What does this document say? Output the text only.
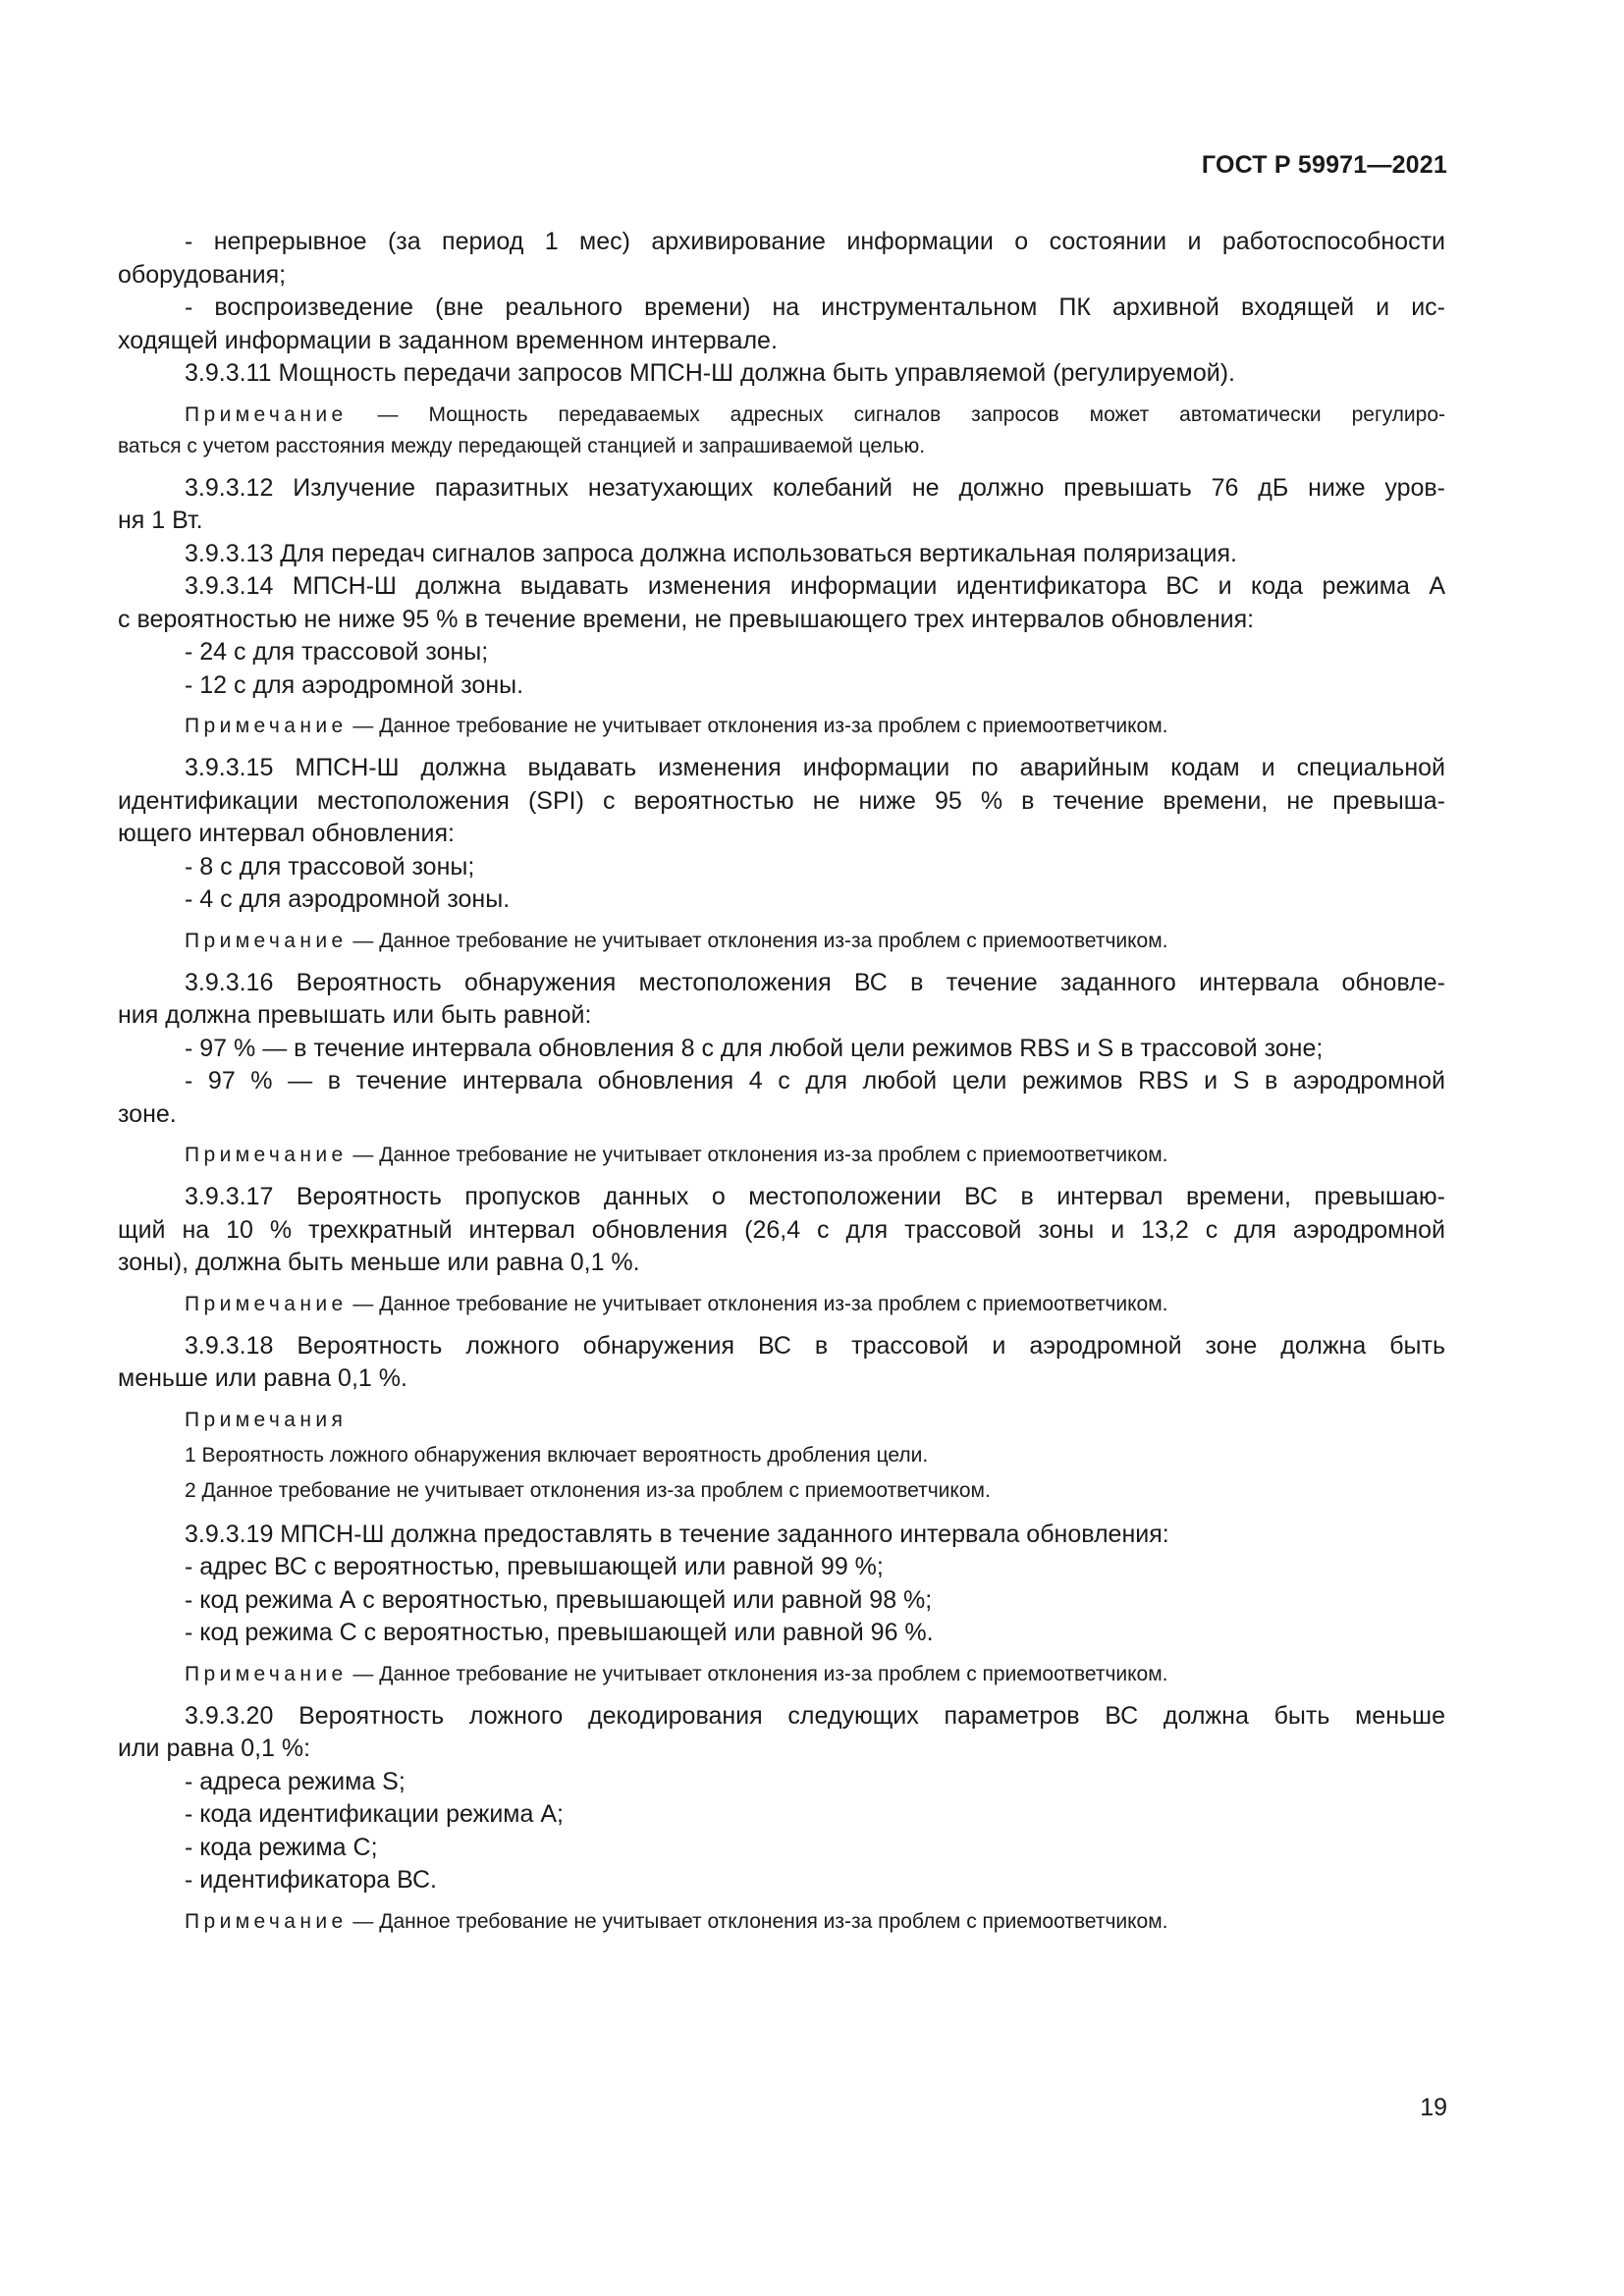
ГОСТ Р 59971—2021

- непрерывное (за период 1 мес) архивирование информации о состоянии и работоспособности

оборудования;

- воспроизведение (вне реального времени) на инструментальном ПК архивной входящей и ис-

ходящей информации в заданном временном интервале.

3.9.3.11 Мощность передачи запросов МПСН-Ш должна быть управляемой (регулируемой).

Примечание — Мощность передаваемых адресных сигналов запросов может автоматически регулиро-

ваться с учетом расстояния между передающей станцией и запрашиваемой целью.

3.9.3.12 Излучение паразитных незатухающих колебаний не должно превышать 76 дБ ниже уров-

ня 1 Вт.

3.9.3.13 Для передач сигналов запроса должна использоваться вертикальная поляризация.

3.9.3.14 МПСН-Ш должна выдавать изменения информации идентификатора ВС и кода режима А

с вероятностью не ниже 95 % в течение времени, не превышающего трех интервалов обновления:

- 24 с для трассовой зоны;

- 12 с для аэродромной зоны.

Примечание — Данное требование не учитывает отклонения из-за проблем с приемоответчиком.

3.9.3.15 МПСН-Ш должна выдавать изменения информации по аварийным кодам и специальной

идентификации местоположения (SPI) с вероятностью не ниже 95 % в течение времени, не превыша-

ющего интервал обновления:

- 8 с для трассовой зоны;

- 4 с для аэродромной зоны.

Примечание — Данное требование не учитывает отклонения из-за проблем с приемоответчиком.

3.9.3.16 Вероятность обнаружения местоположения ВС в течение заданного интервала обновле-

ния должна превышать или быть равной:

- 97 % — в течение интервала обновления 8 с для любой цели режимов RBS и S в трассовой зоне;

- 97 % — в течение интервала обновления 4 с для любой цели режимов RBS и S в аэродромной

зоне.

Примечание — Данное требование не учитывает отклонения из-за проблем с приемоответчиком.

3.9.3.17 Вероятность пропусков данных о местоположении ВС в интервал времени, превышаю-

щий на 10 % трехкратный интервал обновления (26,4 с для трассовой зоны и 13,2 с для аэродромной

зоны), должна быть меньше или равна 0,1 %.

Примечание — Данное требование не учитывает отклонения из-за проблем с приемоответчиком.

3.9.3.18 Вероятность ложного обнаружения ВС в трассовой и аэродромной зоне должна быть

меньше или равна 0,1 %.

Примечания

1 Вероятность ложного обнаружения включает вероятность дробления цели.

2 Данное требование не учитывает отклонения из-за проблем с приемоответчиком.

3.9.3.19 МПСН-Ш должна предоставлять в течение заданного интервала обновления:

- адрес ВС с вероятностью, превышающей или равной 99 %;

- код режима А с вероятностью, превышающей или равной 98 %;

- код режима С с вероятностью, превышающей или равной 96 %.

Примечание — Данное требование не учитывает отклонения из-за проблем с приемоответчиком.

3.9.3.20 Вероятность ложного декодирования следующих параметров ВС должна быть меньше

или равна 0,1 %:

- адреса режима S;

- кода идентификации режима А;

- кода режима С;

- идентификатора ВС.

Примечание — Данное требование не учитывает отклонения из-за проблем с приемоответчиком.

19
